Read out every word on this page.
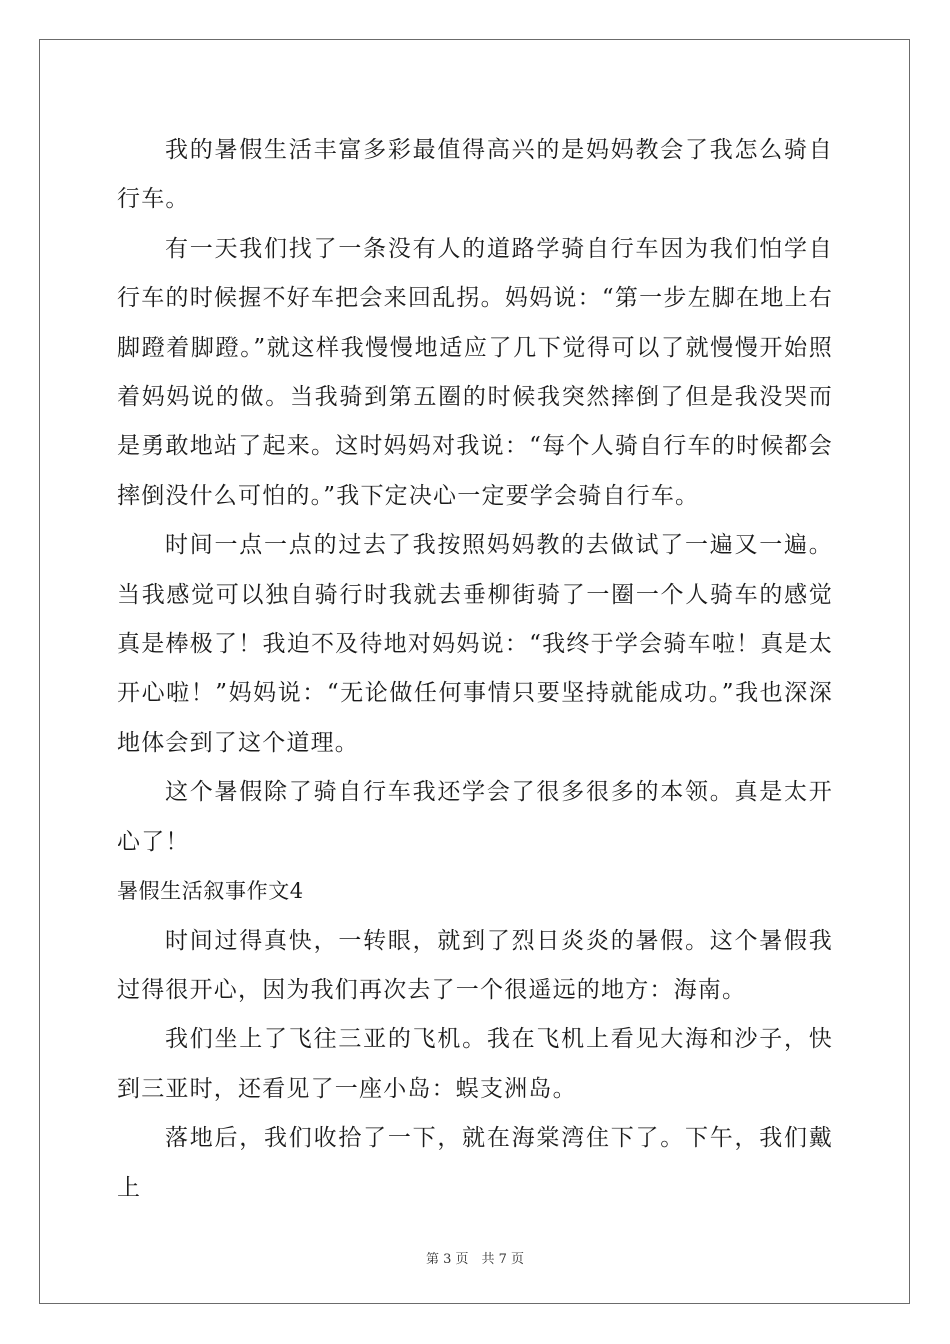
我的暑假生活丰富多彩最值得高兴的是妈妈教会了我怎么骑自行车。

有一天我们找了一条没有人的道路学骑自行车因为我们怕学自行车的时候握不好车把会来回乱拐。妈妈说：“第一步左脚在地上右脚蹬着脚蹬。”就这样我慢慢地适应了几下觉得可以了就慢慢开始照着妈妈说的做。当我骑到第五圈的时候我突然摔倒了但是我没哭而是勇敢地站了起来。这时妈妈对我说：“每个人骑自行车的时候都会摔倒没什么可怕的。”我下定决心一定要学会骑自行车。

时间一点一点的过去了我按照妈妈教的去做试了一遍又一遍。当我感觉可以独自骑行时我就去垂柳街骑了一圈一个人骑车的感觉真是棒极了！我迫不及待地对妈妈说：“我终于学会骑车啦！真是太开心啦！”妈妈说：“无论做任何事情只要坚持就能成功。”我也深深地体会到了这个道理。

这个暑假除了骑自行车我还学会了很多很多的本领。真是太开心了！

暑假生活叙事作文4

时间过得真快，一转眼，就到了烈日炎炎的暑假。这个暑假我过得很开心，因为我们再次去了一个很遥远的地方：海南。

我们坐上了飞往三亚的飞机。我在飞机上看见大海和沙子，快到三亚时，还看见了一座小岛：蜈支洲岛。

落地后，我们收拾了一下，就在海棠湾住下了。下午，我们戴上

第 3 页　共 7 页
